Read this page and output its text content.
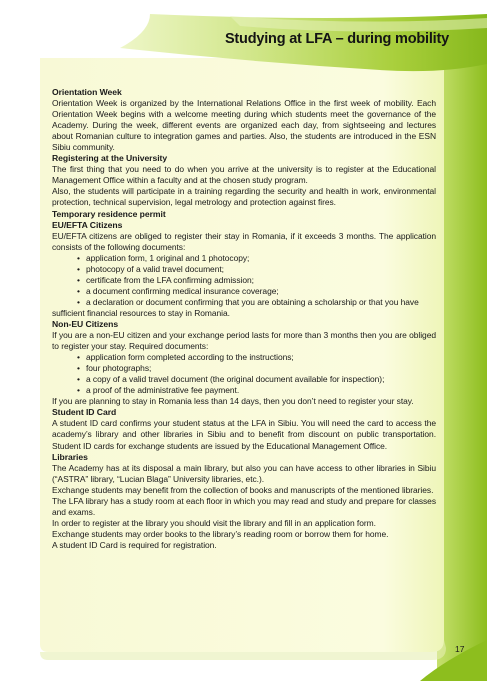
Studying at LFA – during mobility
Orientation Week

Orientation Week is organized by the International Relations Office in the first week of mobility. Each Orientation Week begins with a welcome meeting during which students meet the governance of the Academy. During the week, different events are organized each day, from sightseeing and lectures about Romanian culture to integration games and parties. Also, the students are introduced in the ESN Sibiu community.

Registering at the University

The first thing that you need to do when you arrive at the university is to register at the Educational Management Office within a faculty and at the chosen study program.

Also, the students will participate in a training regarding the security and health in work, environmental protection, technical supervision, legal metrology and protection against fires.

Temporary residence permit
EU/EFTA Citizens

EU/EFTA citizens are obliged to register their stay in Romania, if it exceeds 3 months. The application consists of the following documents:

• application form, 1 original and 1 photocopy;
• photocopy of a valid travel document;
• certificate from the LFA confirming admission;
• a document confirming medical insurance coverage;
• a declaration or document confirming that you are obtaining a scholarship or that you have

sufficient financial resources to stay in Romania.

Non-EU Citizens

If you are a non-EU citizen and your exchange period lasts for more than 3 months then you are obliged to register your stay. Required documents:

• application form completed according to the instructions;
• four photographs;
• a copy of a valid travel document (the original document available for inspection);
• a proof of the administrative fee payment.

If you are planning to stay in Romania less than 14 days, then you don’t need to register your stay.

Student ID Card

A student ID card confirms your student status at the LFA in Sibiu. You will need the card to access the academy’s library and other libraries in Sibiu and to benefit from discount on public transportation. Student ID cards for exchange students are issued by the Educational Management Office.

Libraries

The Academy has at its disposal a main library, but also you can have access to other libraries in Sibiu (“ASTRA” library, “Lucian Blaga” University libraries, etc.).

Exchange students may benefit from the collection of books and manuscripts of the mentioned libraries.

The LFA library has a study room at each floor in which you may read and study and prepare for classes and exams.

In order to register at the library you should visit the library and fill in an application form.

Exchange students may order books to the library’s reading room or borrow them for home.

A student ID Card is required for registration.

17
